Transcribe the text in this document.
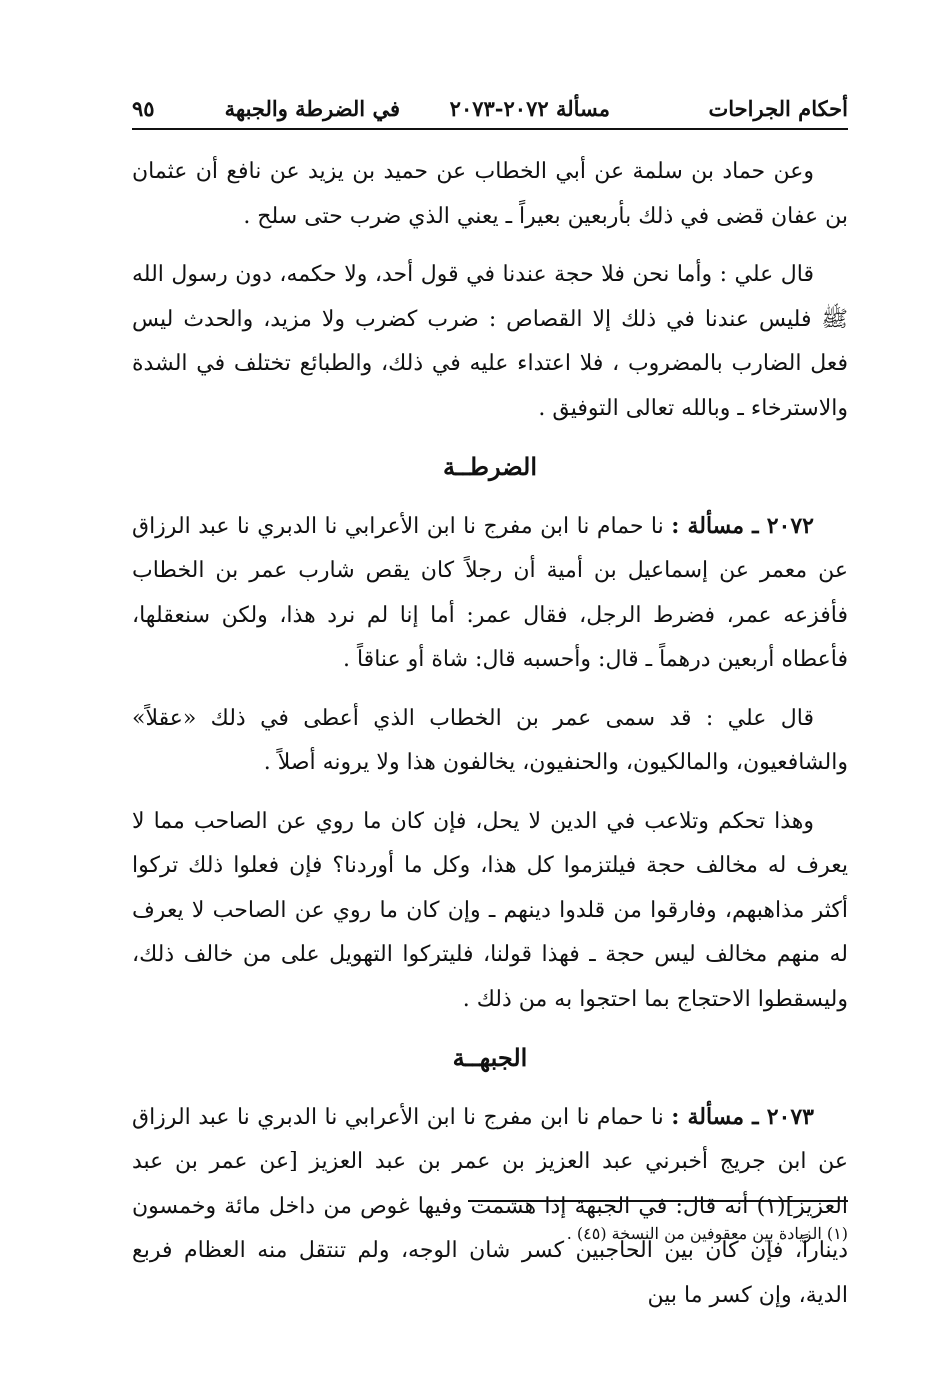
أحكام الجراحات
مسألة ٢٠٧٢-٢٠٧٣
في الضرطة والجبهة
٩٥

وعن حماد بن سلمة عن أبي الخطاب عن حميد بن يزيد عن نافع أن عثمان بن عفان قضى في ذلك بأربعين بعيراً ـ يعني الذي ضرب حتى سلح .

قال علي : وأما نحن فلا حجة عندنا في قول أحد، ولا حكمه، دون رسول الله ﷺ فليس عندنا في ذلك إلا القصاص : ضرب كضرب ولا مزيد، والحدث ليس فعل الضارب بالمضروب ، فلا اعتداء عليه في ذلك، والطبائع تختلف في الشدة والاسترخاء ـ وبالله تعالى التوفيق .

الضرطــة

٢٠٧٢ ـ مسألة : نا حمام نا ابن مفرج نا ابن الأعرابي نا الدبري نا عبد الرزاق عن معمر عن إسماعيل بن أمية أن رجلاً كان يقص شارب عمر بن الخطاب فأفزعه عمر، فضرط الرجل، فقال عمر: أما إنا لم نرد هذا، ولكن سنعقلها، فأعطاه أربعين درهماً ـ قال: وأحسبه قال: شاة أو عناقاً .

قال علي : قد سمى عمر بن الخطاب الذي أعطى في ذلك «عقلاً» والشافعيون، والمالكيون، والحنفيون، يخالفون هذا ولا يرونه أصلاً .

وهذا تحكم وتلاعب في الدين لا يحل، فإن كان ما روي عن الصاحب مما لا يعرف له مخالف حجة فيلتزموا كل هذا، وكل ما أوردنا؟ فإن فعلوا ذلك تركوا أكثر مذاهبهم، وفارقوا من قلدوا دينهم ـ وإن كان ما روي عن الصاحب لا يعرف له منهم مخالف ليس حجة ـ فهذا قولنا، فليتركوا التهويل على من خالف ذلك، وليسقطوا الاحتجاج بما احتجوا به من ذلك .

الجبهــة

٢٠٧٣ ـ مسألة : نا حمام نا ابن مفرج نا ابن الأعرابي نا الدبري نا عبد الرزاق عن ابن جريج أخبرني عبد العزيز بن عمر بن عبد العزيز [عن عمر بن عبد العزيز](١) أنه قال: في الجبهة إذا هشمت وفيها غوص من داخل مائة وخمسون ديناراً، فإن كان بين الحاجبين كسر شان الوجه، ولم تنتقل منه العظام فربع الدية، وإن كسر ما بين

(١) الزيادة بين معقوفين من النسخة (٤٥) .
